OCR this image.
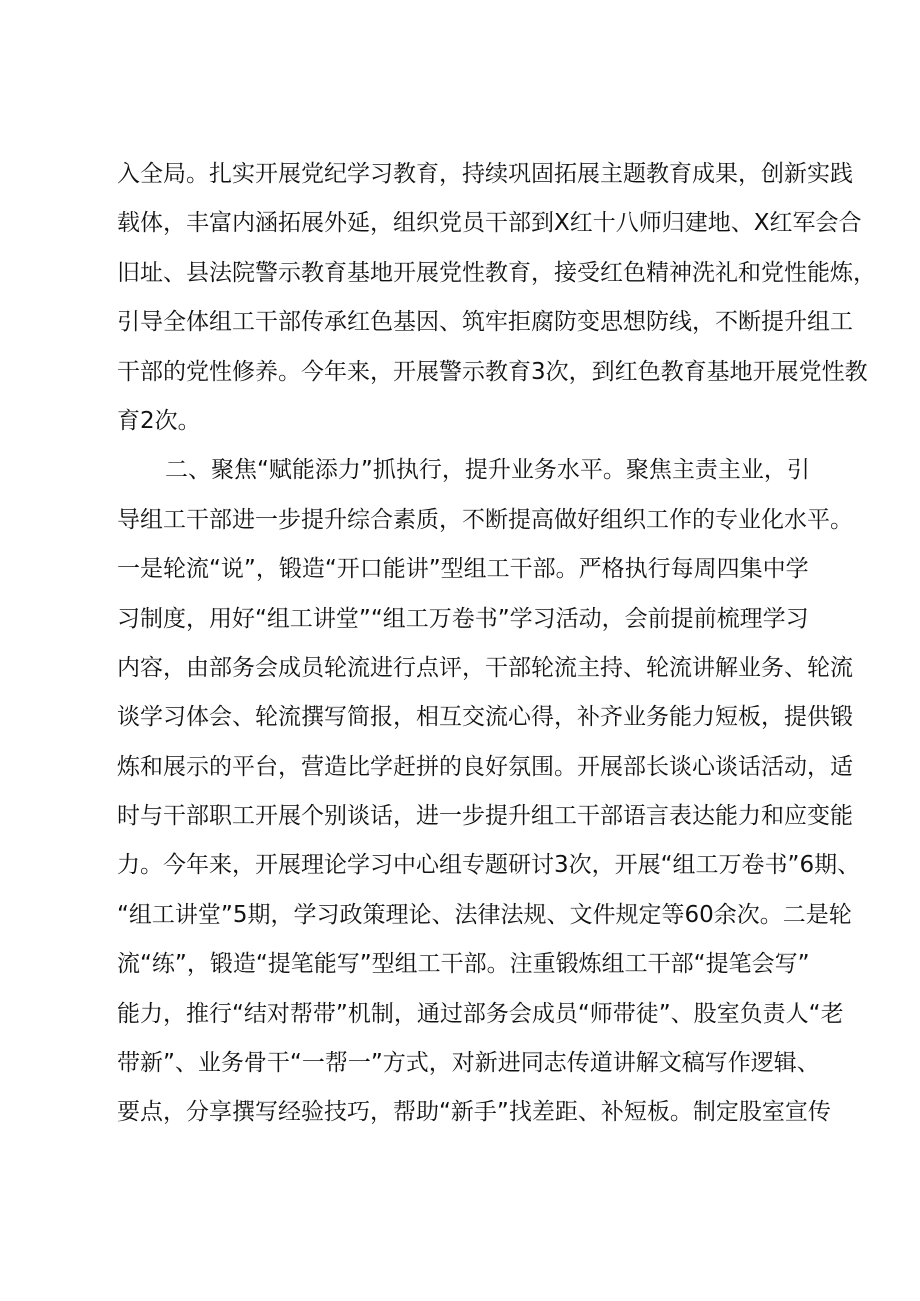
入全局。扎实开展党纪学习教育，持续巩固拓展主题教育成果，创新实践
载体，丰富内涵拓展外延，组织党员干部到X红十八师归建地、X红军会合
旧址、县法院警示教育基地开展党性教育，接受红色精神洗礼和党性能炼，
引导全体组工干部传承红色基因、筑牢拒腐防变思想防线，不断提升组工
干部的党性修养。今年来，开展警示教育3次，到红色教育基地开展党性教
育2次。
二、聚焦“赋能添力”抓执行，提升业务水平。聚焦主责主业，引
导组工干部进一步提升综合素质，不断提高做好组织工作的专业化水平。
一是轮流“说”，锻造“开口能讲”型组工干部。严格执行每周四集中学
习制度，用好“组工讲堂”“组工万卷书”学习活动，会前提前梳理学习
内容，由部务会成员轮流进行点评，干部轮流主持、轮流讲解业务、轮流
谈学习体会、轮流撰写简报，相互交流心得，补齐业务能力短板，提供锻
炼和展示的平台，营造比学赶拼的良好氛围。开展部长谈心谈话活动，适
时与干部职工开展个别谈话，进一步提升组工干部语言表达能力和应变能
力。今年来，开展理论学习中心组专题研讨3次，开展“组工万卷书”6期、
“组工讲堂”5期，学习政策理论、法律法规、文件规定等60余次。二是轮
流“练”，锻造“提笔能写”型组工干部。注重锻炼组工干部“提笔会写”
能力，推行“结对帮带”机制，通过部务会成员“师带徒”、股室负责人“老
带新”、业务骨干“一帮一”方式，对新进同志传道讲解文稿写作逻辑、
要点，分享撰写经验技巧，帮助“新手”找差距、补短板。制定股室宣传
